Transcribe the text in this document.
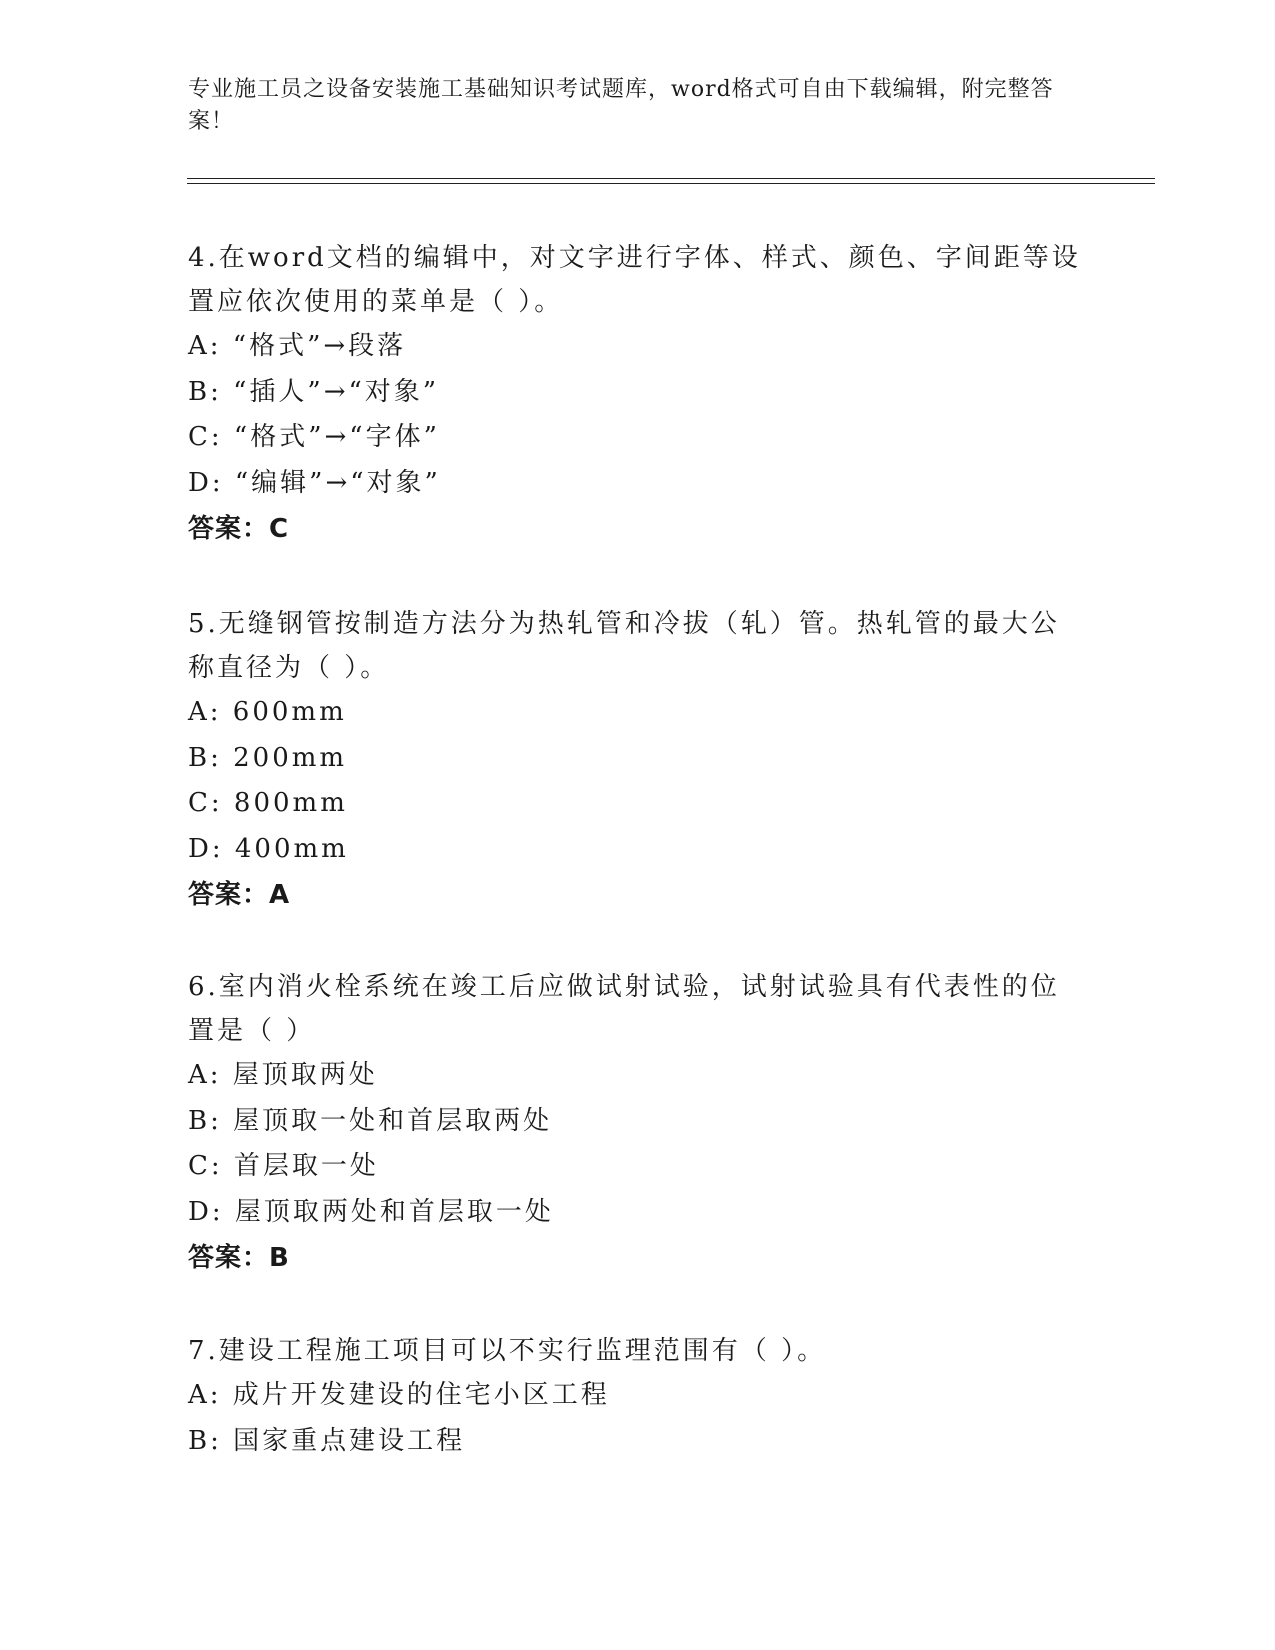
专业施工员之设备安装施工基础知识考试题库，word格式可自由下载编辑，附完整答案！

4.在word文档的编辑中，对文字进行字体、样式、颜色、字间距等设置应依次使用的菜单是（ ）。

A: “格式”→段落

B: “插人”→“对象”

C: “格式”→“字体”

D: “编辑”→“对象”

答案：C

5.无缝钢管按制造方法分为热轧管和冷拔（轧）管。热轧管的最大公称直径为（ ）。

A: 600mm

B: 200mm

C: 800mm

D: 400mm

答案：A

6.室内消火栓系统在竣工后应做试射试验，试射试验具有代表性的位置是（ ）

A: 屋顶取两处

B: 屋顶取一处和首层取两处

C: 首层取一处

D: 屋顶取两处和首层取一处

答案：B

7.建设工程施工项目可以不实行监理范围有（ ）。

A: 成片开发建设的住宅小区工程

B: 国家重点建设工程
